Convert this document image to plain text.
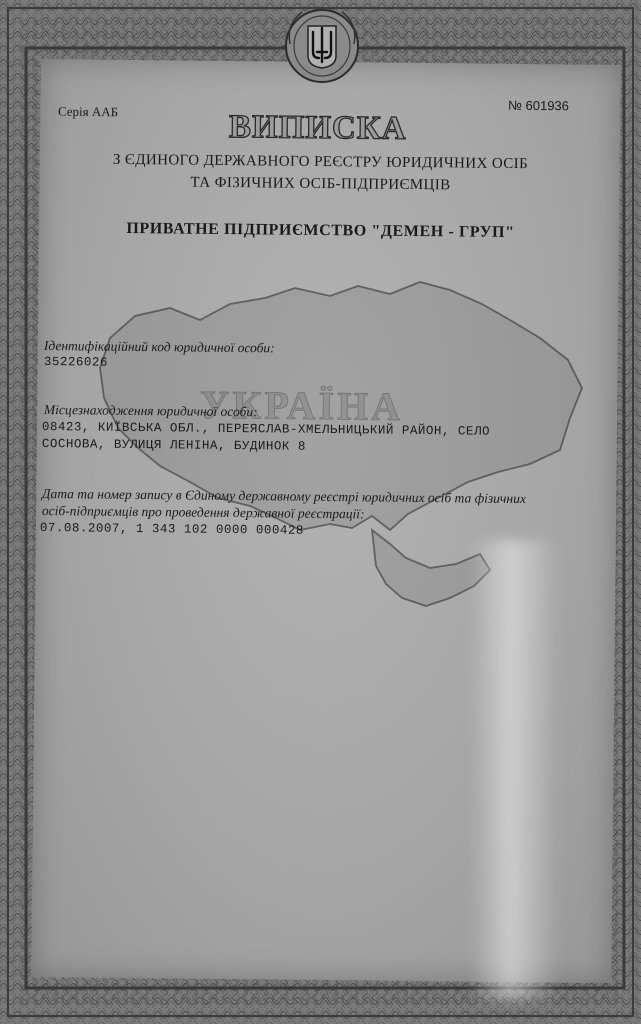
Серія ААБ	№ 601936
ВИПИСКА
З ЄДИНОГО ДЕРЖАВНОГО РЕЄСТРУ ЮРИДИЧНИХ ОСІБ
ТА ФІЗИЧНИХ ОСІБ-ПІДПРИЄМЦІВ
ПРИВАТНЕ ПІДПРИЄМСТВО "ДЕМЕН - ГРУП"
УКРАЇНА
Ідентифікаційний код юридичної особи:
35226026
Місцезнаходження юридичної особи:
08423, КИЇВСЬКА ОБЛ., ПЕРЕЯСЛАВ-ХМЕЛЬНИЦЬКИЙ РАЙОН, СЕЛО
СОСНОВА, ВУЛИЦЯ ЛЕНІНА, БУДИНОК 8
Дата та номер запису в Єдиному державному реєстрі юридичних осіб та фізичних
осіб-підприємців про проведення державної реєстрації:
07.08.2007, 1 343 102 0000 000428
